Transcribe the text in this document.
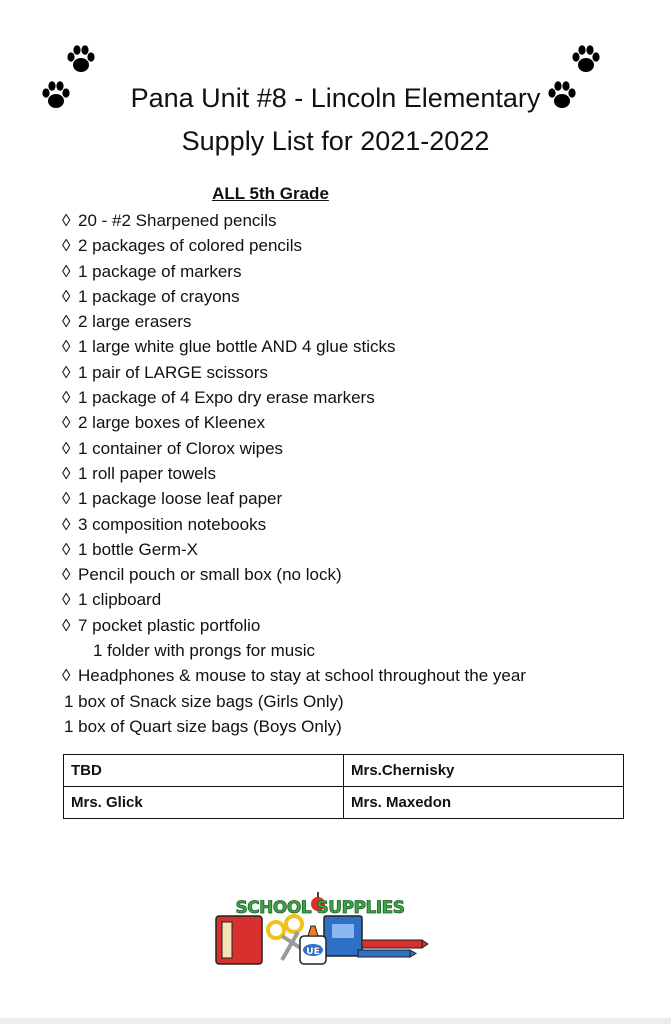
Pana Unit #8 - Lincoln Elementary
Supply List for 2021-2022
ALL 5th Grade
◊ 20 - #2 Sharpened pencils
◊ 2 packages of colored pencils
◊ 1 package of markers
◊ 1 package of crayons
◊ 2 large erasers
◊ 1 large white glue bottle AND 4 glue sticks
◊ 1 pair of LARGE scissors
◊ 1 package of 4 Expo dry erase markers
◊ 2 large boxes of Kleenex
◊ 1 container of Clorox wipes
◊ 1 roll paper towels
◊ 1 package loose leaf paper
◊ 3 composition notebooks
◊ 1 bottle Germ-X
◊ Pencil pouch or small box (no lock)
◊ 1 clipboard
◊ 7 pocket plastic portfolio
1 folder with prongs for music
◊ Headphones & mouse to stay at school throughout the year
1 box of Snack size bags (Girls Only)
1 box of Quart size bags (Boys Only)
TBD	Mrs.Chernisky
Mrs. Glick	Mrs. Maxedon
UE
SCHOOL SUPPLIES
